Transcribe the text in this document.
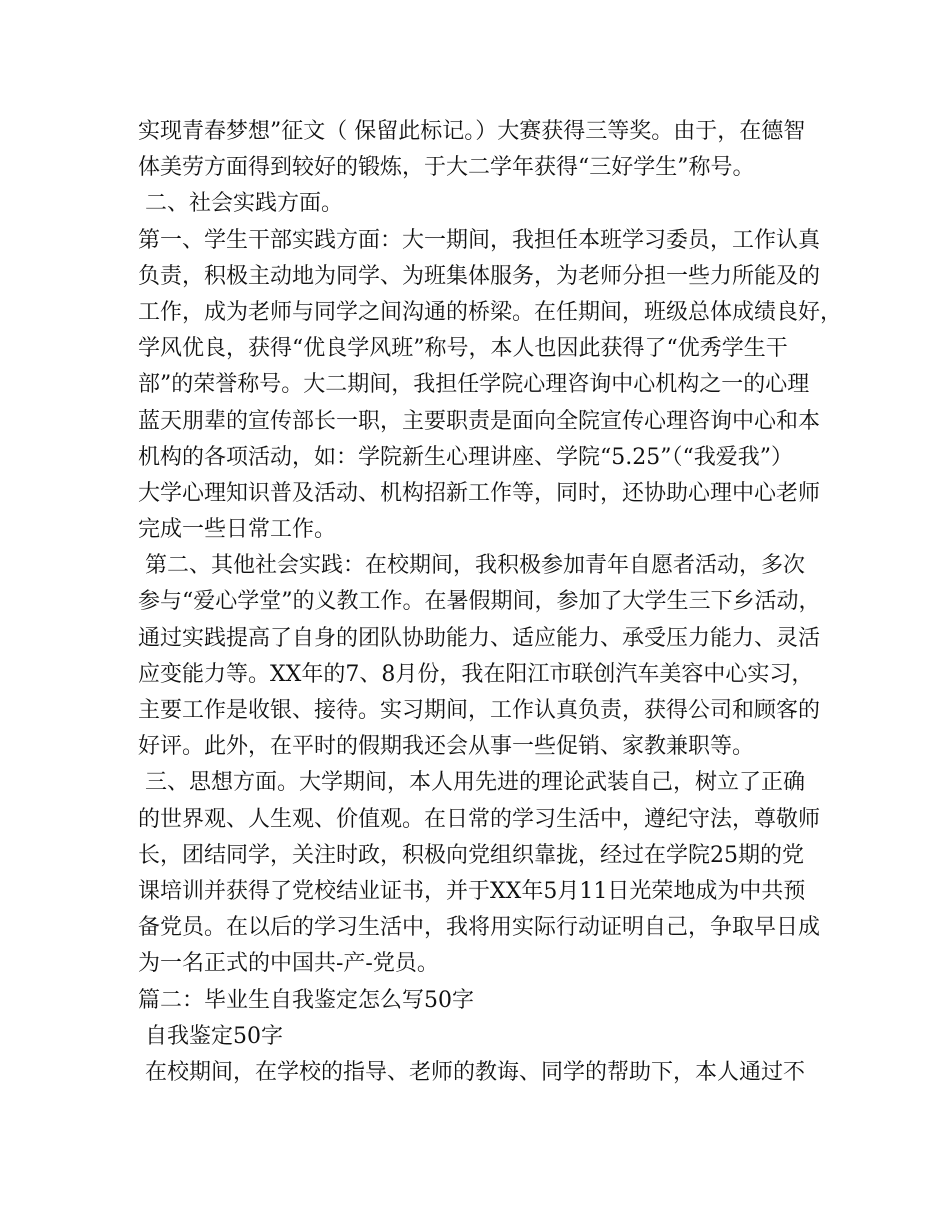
实现青春梦想”征文（ 保留此标记。）大赛获得三等奖。由于，在德智
体美劳方面得到较好的锻炼，于大二学年获得“三好学生”称号。
二、社会实践方面。
第一、学生干部实践方面：大一期间，我担任本班学习委员，工作认真
负责，积极主动地为同学、为班集体服务，为老师分担一些力所能及的
工作，成为老师与同学之间沟通的桥梁。在任期间，班级总体成绩良好，
学风优良，获得“优良学风班”称号，本人也因此获得了“优秀学生干
部”的荣誉称号。大二期间，我担任学院心理咨询中心机构之一的心理
蓝天朋辈的宣传部长一职，主要职责是面向全院宣传心理咨询中心和本
机构的各项活动，如：学院新生心理讲座、学院“5.25”（“我爱我”）
大学心理知识普及活动、机构招新工作等，同时，还协助心理中心老师
完成一些日常工作。
第二、其他社会实践：在校期间，我积极参加青年自愿者活动，多次
参与“爱心学堂”的义教工作。在暑假期间，参加了大学生三下乡活动，
通过实践提高了自身的团队协助能力、适应能力、承受压力能力、灵活
应变能力等。XX年的7、8月份，我在阳江市联创汽车美容中心实习，
主要工作是收银、接待。实习期间，工作认真负责，获得公司和顾客的
好评。此外，在平时的假期我还会从事一些促销、家教兼职等。
三、思想方面。大学期间，本人用先进的理论武装自己，树立了正确
的世界观、人生观、价值观。在日常的学习生活中，遵纪守法，尊敬师
长，团结同学，关注时政，积极向党组织靠拢，经过在学院25期的党
课培训并获得了党校结业证书，并于XX年5月11日光荣地成为中共预
备党员。在以后的学习生活中，我将用实际行动证明自己，争取早日成
为一名正式的中国共-产-党员。
篇二：毕业生自我鉴定怎么写50字
自我鉴定50字
在校期间，在学校的指导、老师的教诲、同学的帮助下，本人通过不
